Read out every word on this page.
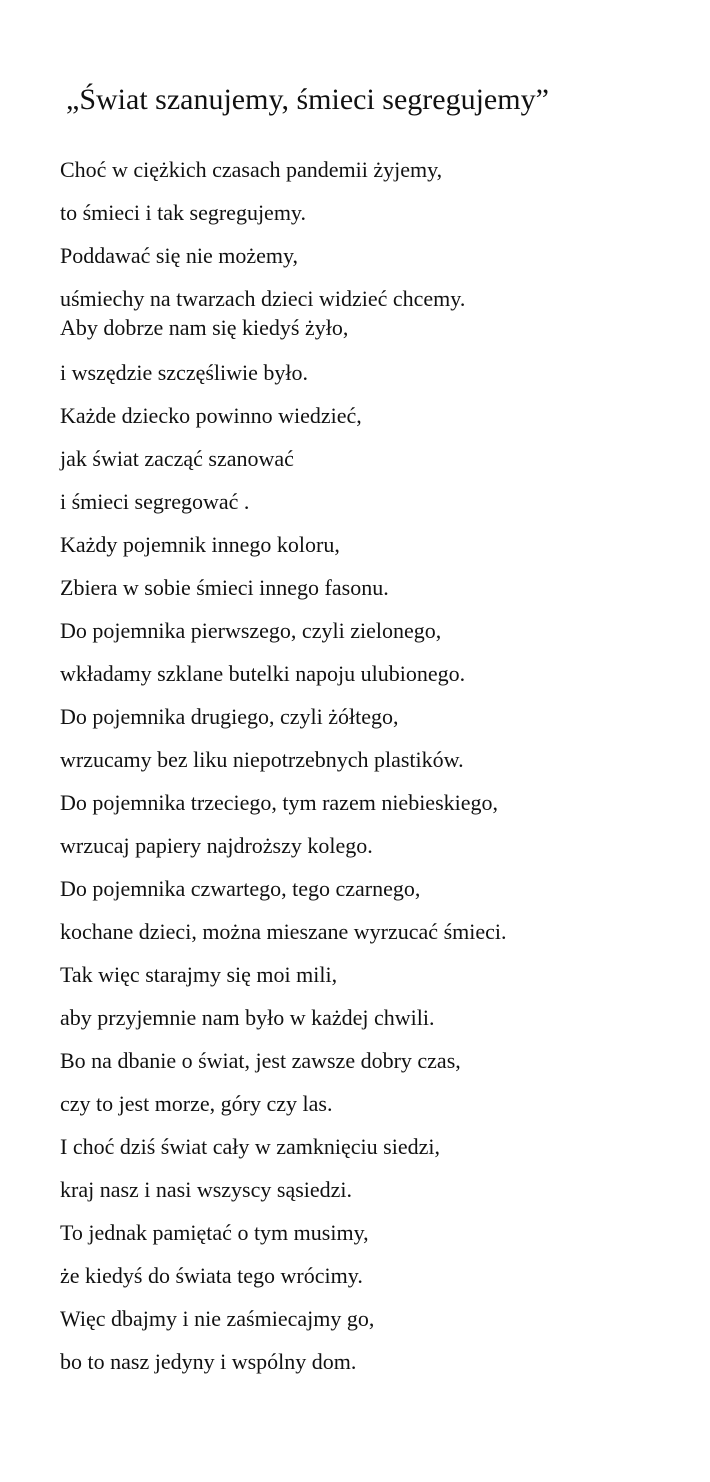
„Świat szanujemy, śmieci segregujemy”
Choć w ciężkich czasach pandemii żyjemy,
to śmieci i tak segregujemy.
Poddawać się nie możemy,
uśmiechy na twarzach dzieci widzieć chcemy.
Aby dobrze nam się kiedyś żyło,
i wszędzie szczęśliwie było.
Każde dziecko powinno wiedzieć,
jak świat zacząć szanować
i śmieci segregować .
Każdy pojemnik innego koloru,
Zbiera w sobie śmieci innego fasonu.
Do pojemnika pierwszego, czyli zielonego,
wkładamy szklane butelki napoju ulubionego.
Do pojemnika drugiego, czyli żółtego,
wrzucamy bez liku niepotrzebnych plastików.
Do pojemnika trzeciego, tym razem niebieskiego,
wrzucaj papiery najdroższy kolego.
Do pojemnika czwartego, tego czarnego,
kochane dzieci, można mieszane wyrzucać śmieci.
Tak więc starajmy się moi mili,
aby przyjemnie nam było w każdej chwili.
Bo na dbanie o świat, jest zawsze dobry czas,
czy to jest morze, góry czy las.
I choć dziś świat cały w zamknięciu siedzi,
kraj nasz i nasi wszyscy sąsiedzi.
To jednak pamiętać o tym musimy,
że kiedyś do świata tego wrócimy.
Więc dbajmy i nie zaśmiecajmy go,
bo to nasz jedyny i wspólny dom.
